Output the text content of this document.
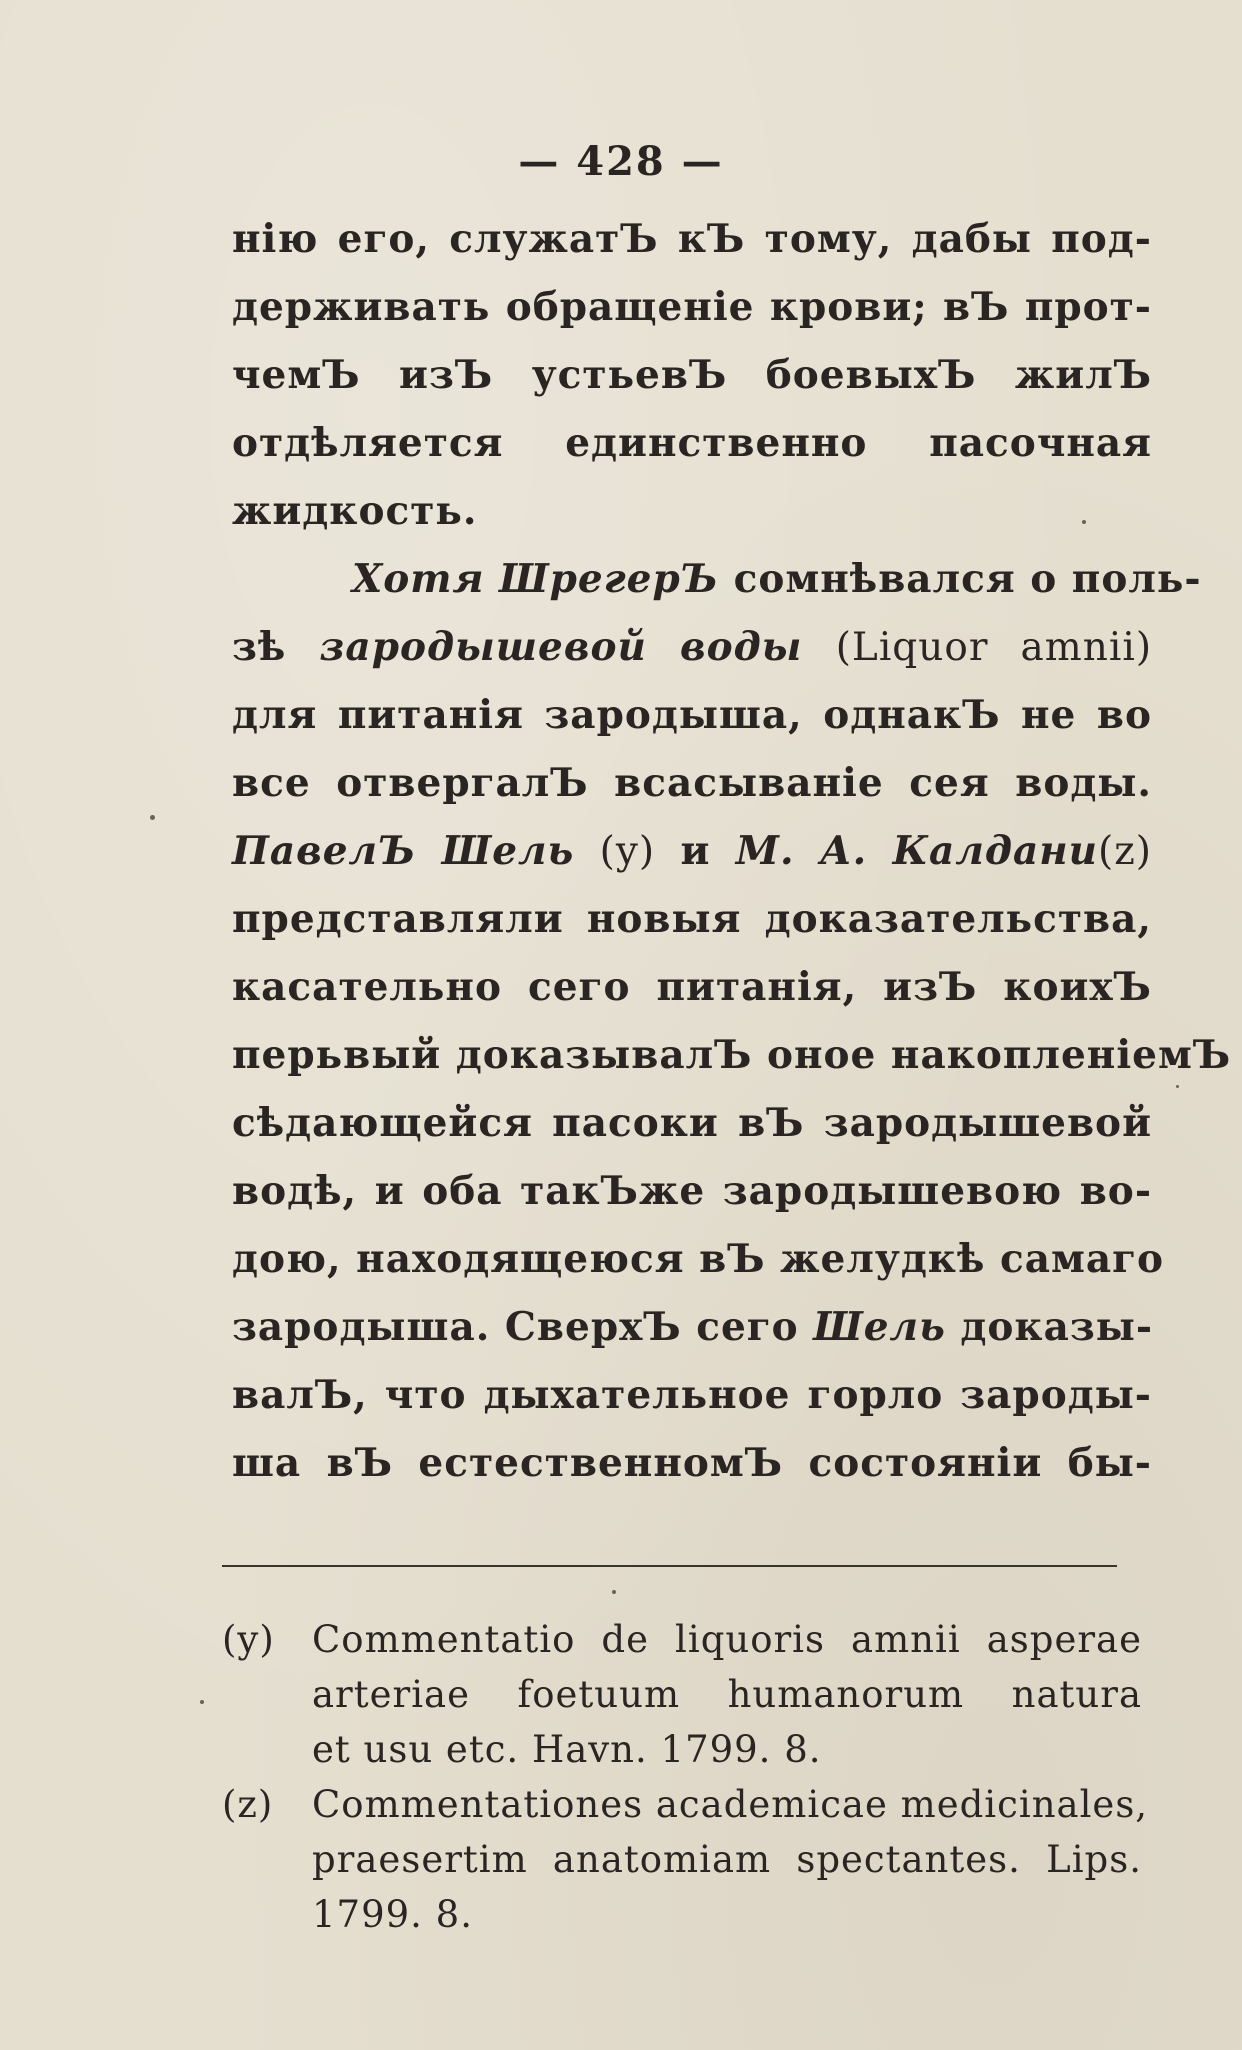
— 428 —
нію его, служатЪ кЪ тому, дабы под-
держивать обращеніе крови; вЪ прот-
чемЪ изЪ устьевЪ боевыхЪ жилЪ
отдѣляется единственно пасочная
жидкость.
Хотя ШрегерЪ сомнѣвался о поль-
зѣ зародышевой воды (Liquor amnii)
для питанія зародыша, однакЪ не во
все отвергалЪ всасываніе сея воды.
ПавелЪ Шель (y) и М. А. Калдани(z)
представляли новыя доказательства,
касательно сего питанія, изЪ коихЪ
перьвый доказывалЪ оное накопленіемЪ
сѣдающейся пасоки вЪ зародышевой
водѣ, и оба такЪже зародышевою во-
дою, находящеюся вЪ желудкѣ самаго
зародыша. СверхЪ сего Шель доказы-
валЪ, что дыхательное горло зароды-
ша вЪ естественномЪ состояніи бы-
(y) Commentatio de liquoris amnii asperae
arteriae foetuum humanorum natura
et usu etc. Havn. 1799. 8.
(z) Commentationes academicae medicinales,
praesertim anatomiam spectantes. Lips.
1799. 8.
